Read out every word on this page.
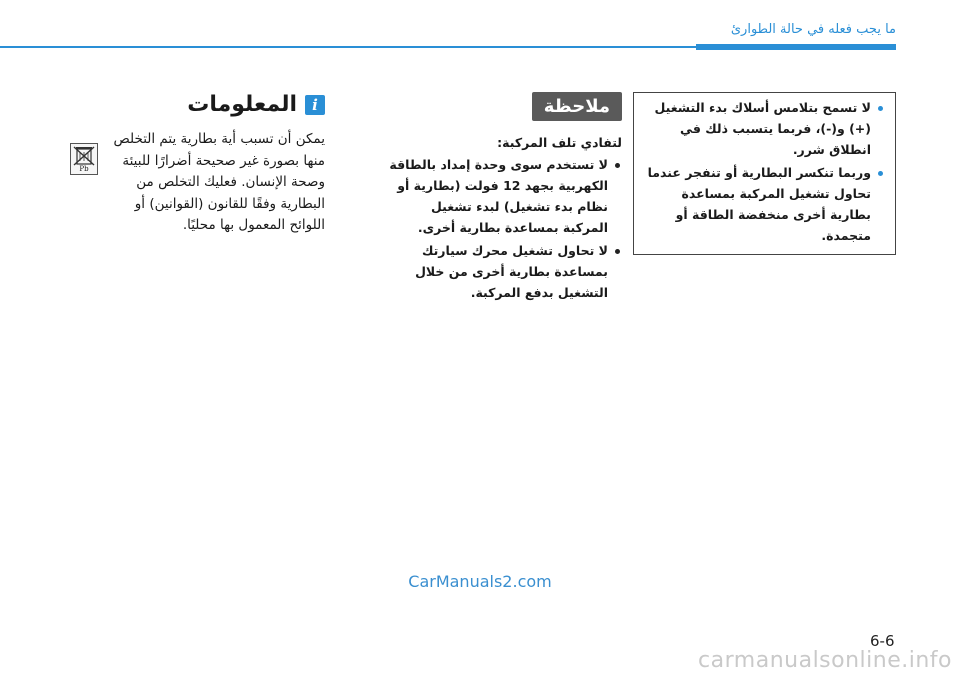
ما يجب فعله في حالة الطوارئ
i
المعلومات
يمكن أن تسبب أية بطارية يتم التخلص منها بصورة غير صحيحة أضرارًا للبيئة وصحة الإنسان. فعليك التخلص من البطارية وفقًا للقانون (القوانين) أو اللوائح المعمول بها محليًا.
Pb
ملاحظة
لتفادي تلف المركبة:
لا تستخدم سوى وحدة إمداد بالطاقة الكهربية بجهد 12 فولت (بطارية أو نظام بدء تشغيل) لبدء تشغيل المركبة بمساعدة بطارية أخرى.
لا تحاول تشغيل محرك سيارتك بمساعدة بطارية أخرى من خلال التشغيل بدفع المركبة.
لا تسمح بتلامس أسلاك بدء التشغيل (+) و(-)، فربما يتسبب ذلك في انطلاق شرر.
وربما تنكسر البطارية أو تنفجر عندما تحاول تشغيل المركبة بمساعدة بطارية أخرى منخفضة الطاقة أو متجمدة.
CarManuals2.com
6-6
carmanualsonline.info
